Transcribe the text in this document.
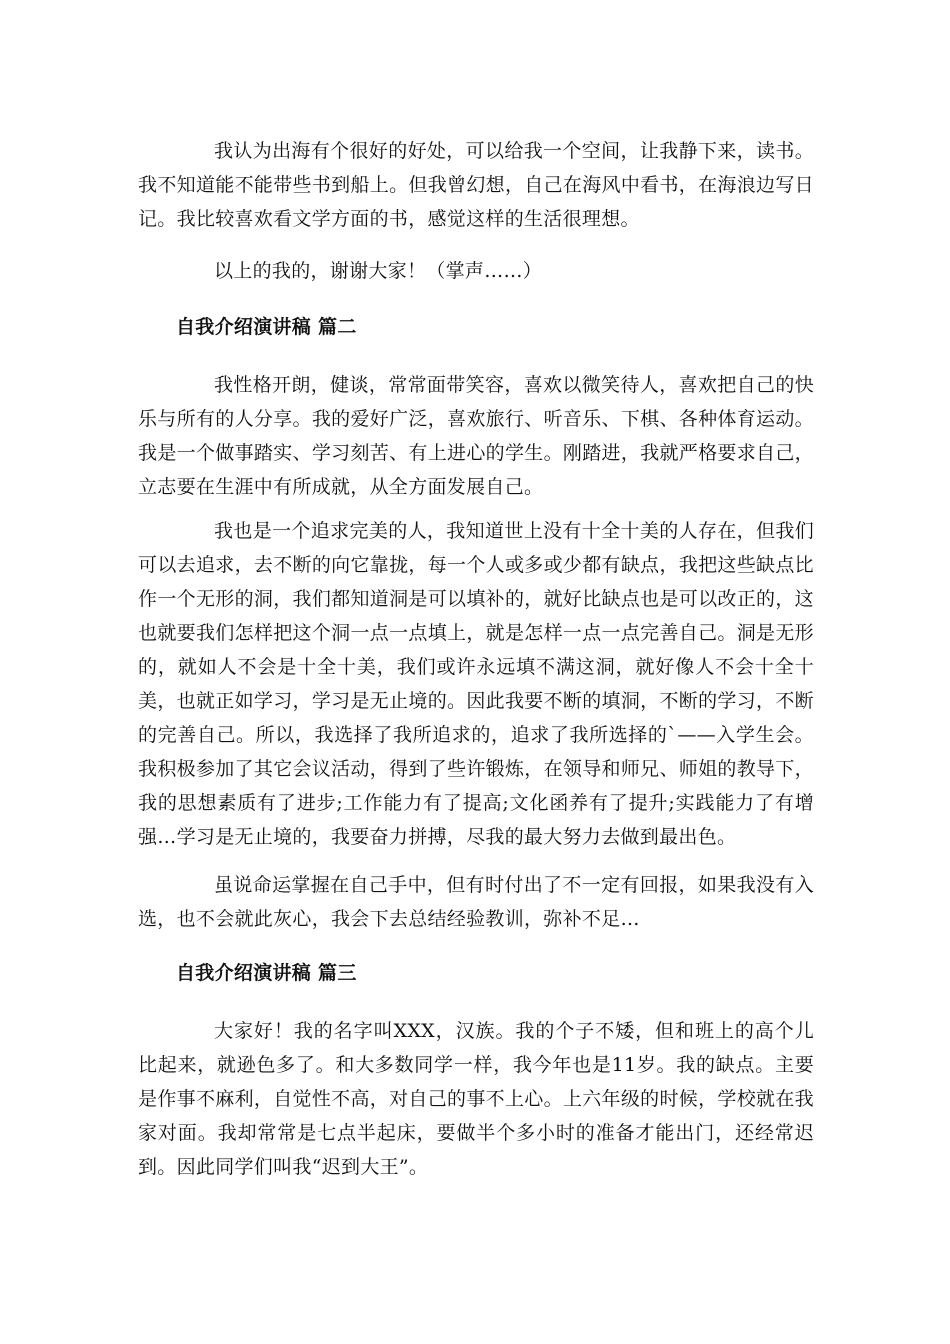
我认为出海有个很好的好处，可以给我一个空间，让我静下来，读书。我不知道能不能带些书到船上。但我曾幻想，自己在海风中看书，在海浪边写日记。我比较喜欢看文学方面的书，感觉这样的生活很理想。

以上的我的，谢谢大家！（掌声……）

自我介绍演讲稿 篇二

我性格开朗，健谈，常常面带笑容，喜欢以微笑待人，喜欢把自己的快乐与所有的人分享。我的爱好广泛，喜欢旅行、听音乐、下棋、各种体育运动。我是一个做事踏实、学习刻苦、有上进心的学生。刚踏进，我就严格要求自己，立志要在生涯中有所成就，从全方面发展自己。

我也是一个追求完美的人，我知道世上没有十全十美的人存在，但我们可以去追求，去不断的向它靠拢，每一个人或多或少都有缺点，我把这些缺点比作一个无形的洞，我们都知道洞是可以填补的，就好比缺点也是可以改正的，这也就要我们怎样把这个洞一点一点填上，就是怎样一点一点完善自己。洞是无形的，就如人不会是十全十美，我们或许永远填不满这洞，就好像人不会十全十美，也就正如学习，学习是无止境的。因此我要不断的填洞，不断的学习，不断的完善自己。所以，我选择了我所追求的，追求了我所选择的`——入学生会。我积极参加了其它会议活动，得到了些许锻炼，在领导和师兄、师姐的教导下，我的思想素质有了进步;工作能力有了提高;文化函养有了提升;实践能力了有增强…学习是无止境的，我要奋力拼搏，尽我的最大努力去做到最出色。

虽说命运掌握在自己手中，但有时付出了不一定有回报，如果我没有入选，也不会就此灰心，我会下去总结经验教训，弥补不足…

自我介绍演讲稿 篇三

大家好！我的名字叫XXX，汉族。我的个子不矮，但和班上的高个儿比起来，就逊色多了。和大多数同学一样，我今年也是11岁。我的缺点。主要是作事不麻利，自觉性不高，对自己的事不上心。上六年级的时候，学校就在我家对面。我却常常是七点半起床，要做半个多小时的准备才能出门，还经常迟到。因此同学们叫我“迟到大王”。
